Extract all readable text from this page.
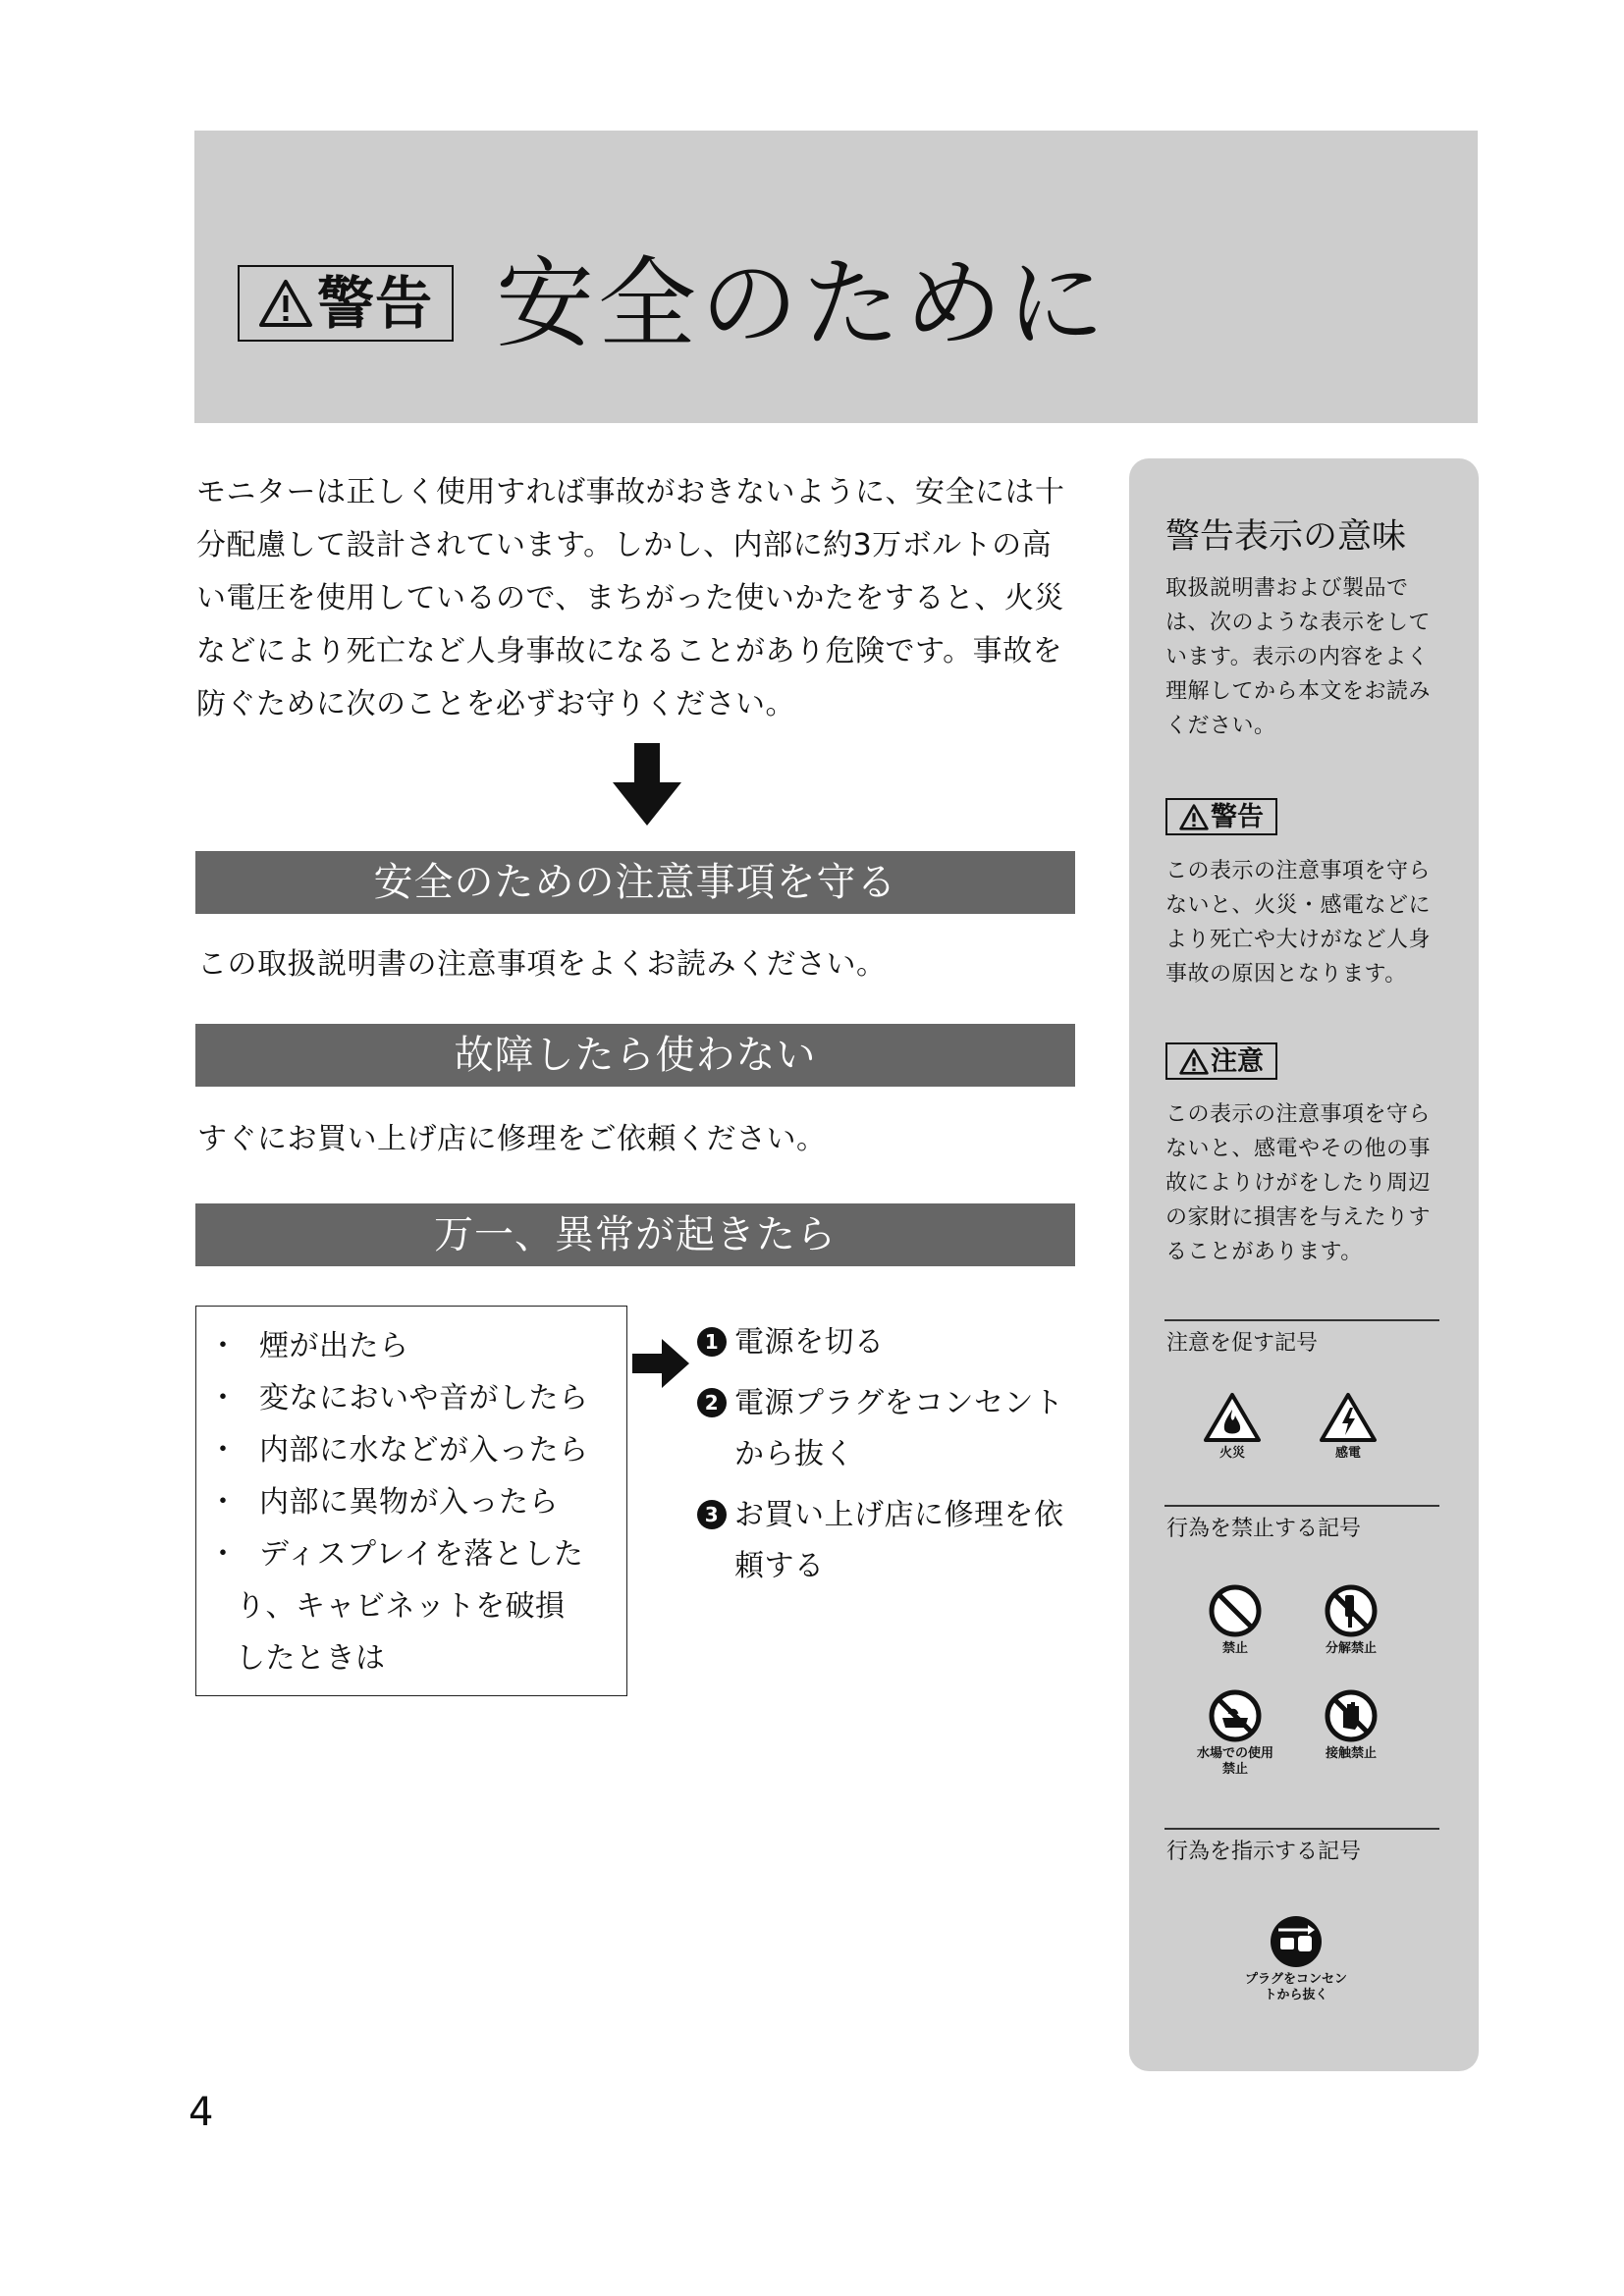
警告 安全のために
モニターは正しく使用すれば事故がおきないように、安全には十分配慮して設計されています。しかし、内部に約3万ボルトの高い電圧を使用しているので、まちがった使いかたをすると、火災などにより死亡など人身事故になることがあり危険です。事故を防ぐために次のことを必ずお守りください。
安全のための注意事項を守る
この取扱説明書の注意事項をよくお読みください。
故障したら使わない
すぐにお買い上げ店に修理をご依頼ください。
万一、異常が起きたら
・ 煙が出たら
・ 変なにおいや音がしたら
・ 内部に水などが入ったら
・ 内部に異物が入ったら
・ ディスプレイを落とした
り、キャビネットを破損
したときは
1 電源を切る
2 電源プラグをコンセントから抜く
3 お買い上げ店に修理を依頼する
警告表示の意味
取扱説明書および製品では、次のような表示をしています。表示の内容をよく理解してから本文をお読みください。
警告
この表示の注意事項を守らないと、火災・感電などにより死亡や大けがなど人身事故の原因となります。
注意
この表示の注意事項を守らないと、感電やその他の事故によりけがをしたり周辺の家財に損害を与えたりすることがあります。
注意を促す記号
火災	感電
行為を禁止する記号
禁止	分解禁止
水場での使用禁止
接触禁止
行為を指示する記号
プラグをコンセントから抜く
4
